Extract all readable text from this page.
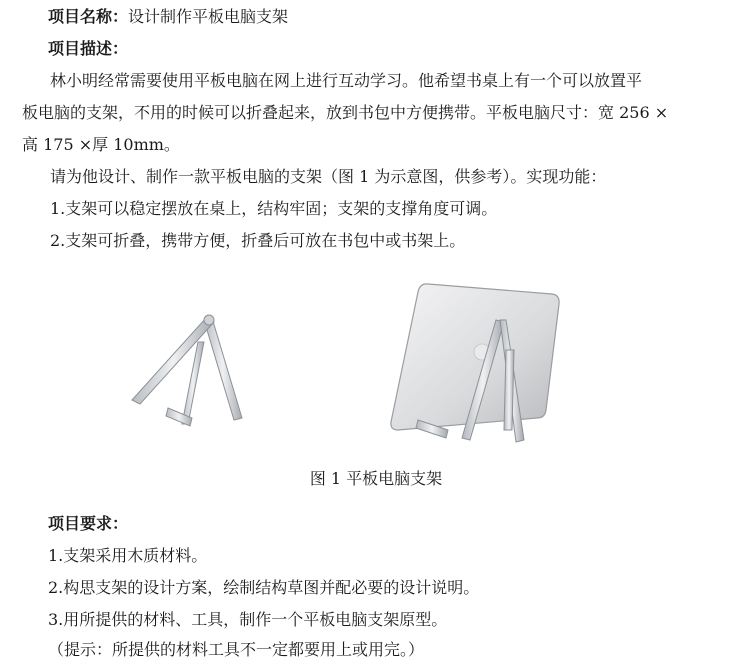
项目名称：设计制作平板电脑支架
项目描述：
林小明经常需要使用平板电脑在网上进行互动学习。他希望书桌上有一个可以放置平
板电脑的支架，不用的时候可以折叠起来，放到书包中方便携带。平板电脑尺寸：宽 256 ×
高 175 ×厚 10mm。
请为他设计、制作一款平板电脑的支架（图 1 为示意图，供参考）。实现功能：
1.支架可以稳定摆放在桌上，结构牢固；支架的支撑角度可调。
2.支架可折叠，携带方便，折叠后可放在书包中或书架上。
图 1 平板电脑支架
项目要求：
1.支架采用木质材料。
2.构思支架的设计方案，绘制结构草图并配必要的设计说明。
3.用所提供的材料、工具，制作一个平板电脑支架原型。
（提示：所提供的材料工具不一定都要用上或用完。）
